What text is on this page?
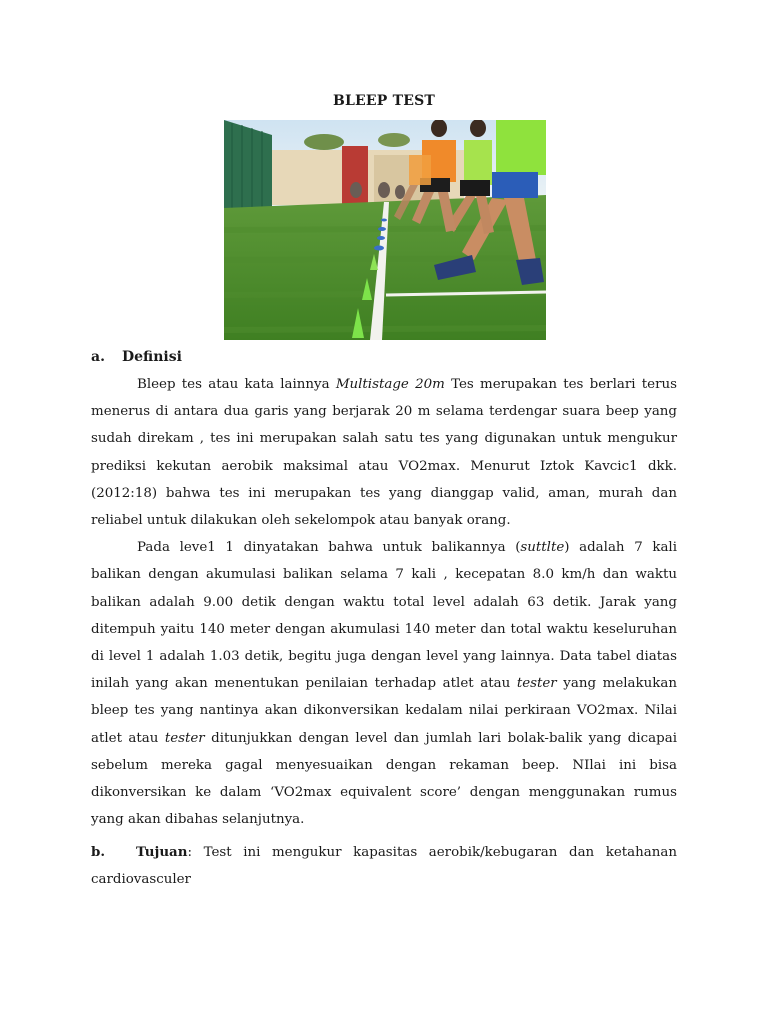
BLEEP TEST
a. Definisi

Bleep tes atau kata lainnya Multistage 20m Tes merupakan tes berlari terus menerus di antara dua garis yang berjarak 20 m selama terdengar suara beep yang sudah direkam , tes ini merupakan salah satu tes yang digunakan untuk mengukur prediksi kekutan aerobik maksimal atau VO2max. Menurut Iztok Kavcic1 dkk. (2012:18) bahwa tes ini merupakan tes yang dianggap valid, aman, murah dan reliabel untuk dilakukan oleh sekelompok atau banyak orang.

Pada leve1 1 dinyatakan bahwa untuk balikannya (suttlte) adalah 7 kali balikan dengan akumulasi balikan selama 7 kali , kecepatan 8.0 km/h dan waktu balikan adalah 9.00 detik dengan waktu total level adalah 63 detik. Jarak yang ditempuh yaitu 140 meter dengan akumulasi 140 meter dan total waktu keseluruhan di level 1 adalah 1.03 detik, begitu juga dengan level yang lainnya. Data tabel diatas inilah yang akan menentukan penilaian terhadap atlet atau tester yang melakukan bleep tes yang nantinya akan dikonversikan kedalam nilai perkiraan VO2max. Nilai atlet atau tester ditunjukkan dengan level dan jumlah lari bolak-balik yang dicapai sebelum mereka gagal menyesuaikan dengan rekaman beep. NIlai ini bisa dikonversikan ke dalam ‘VO2max equivalent score’ dengan menggunakan rumus yang akan dibahas selanjutnya.

b. Tujuan: Test ini mengukur kapasitas aerobik/kebugaran dan ketahanan cardiovasculer
